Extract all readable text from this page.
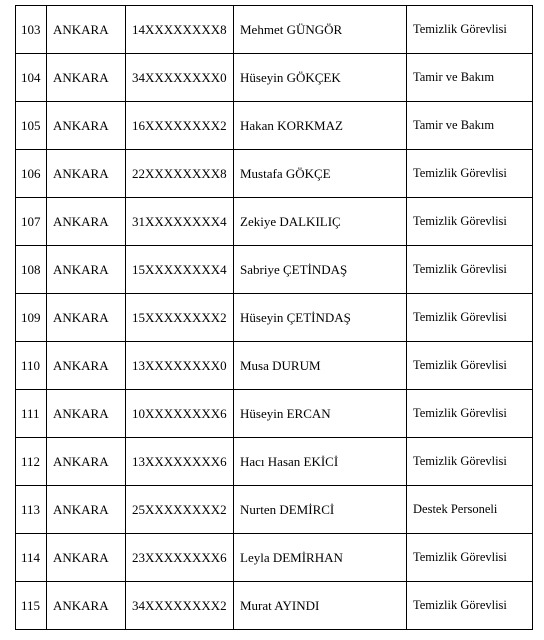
103	ANKARA	14XXXXXXXX8	Mehmet GÜNGÖR	Temizlik Görevlisi
104	ANKARA	34XXXXXXXX0	Hüseyin GÖKÇEK	Tamir ve Bakım
105	ANKARA	16XXXXXXXX2	Hakan KORKMAZ	Tamir ve Bakım
106	ANKARA	22XXXXXXXX8	Mustafa GÖKÇE	Temizlik Görevlisi
107	ANKARA	31XXXXXXXX4	Zekiye DALKILIÇ	Temizlik Görevlisi
108	ANKARA	15XXXXXXXX4	Sabriye ÇETİNDAŞ	Temizlik Görevlisi
109	ANKARA	15XXXXXXXX2	Hüseyin ÇETİNDAŞ	Temizlik Görevlisi
110	ANKARA	13XXXXXXXX0	Musa DURUM	Temizlik Görevlisi
111	ANKARA	10XXXXXXXX6	Hüseyin ERCAN	Temizlik Görevlisi
112	ANKARA	13XXXXXXXX6	Hacı Hasan EKİCİ	Temizlik Görevlisi
113	ANKARA	25XXXXXXXX2	Nurten DEMİRCİ	Destek Personeli
114	ANKARA	23XXXXXXXX6	Leyla DEMİRHAN	Temizlik Görevlisi
115	ANKARA	34XXXXXXXX2	Murat AYINDI	Temizlik Görevlisi
